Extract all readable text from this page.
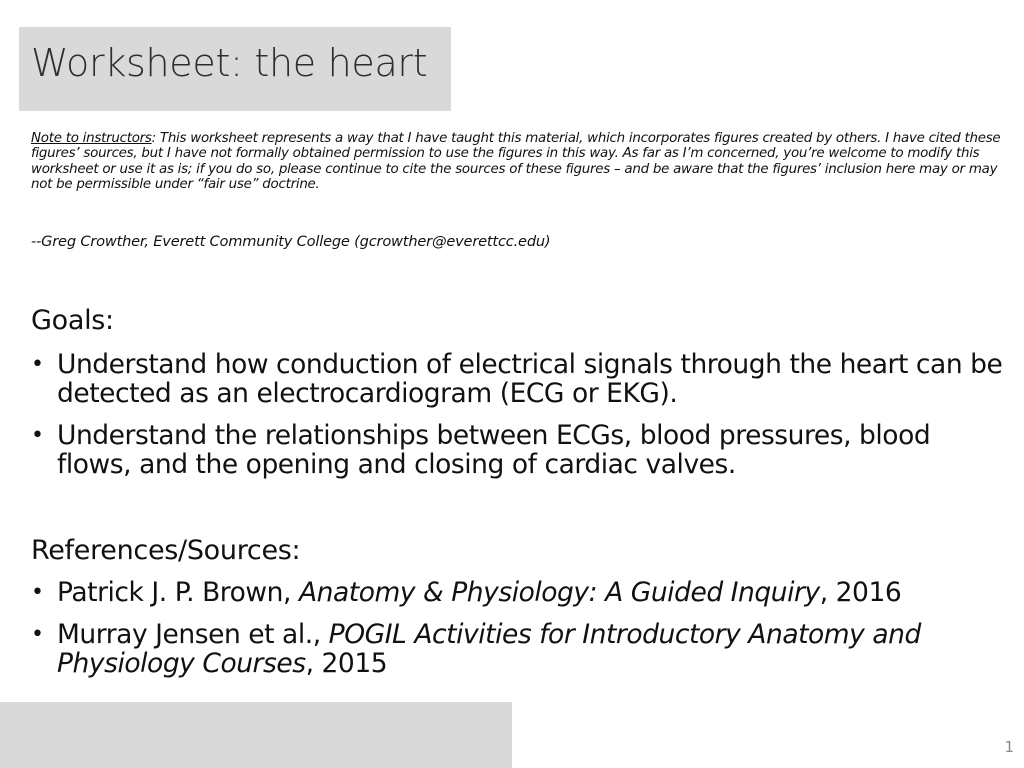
Worksheet: the heart
Note to instructors: This worksheet represents a way that I have taught this material, which incorporates figures created by others. I have cited these figures’ sources, but I have not formally obtained permission to use the figures in this way. As far as I’m concerned, you’re welcome to modify this worksheet or use it as is; if you do so, please continue to cite the sources of these figures – and be aware that the figures’ inclusion here may or may not be permissible under “fair use” doctrine.
--Greg Crowther, Everett Community College (gcrowther@everettcc.edu)
Goals:
• Understand how conduction of electrical signals through the heart can be detected as an electrocardiogram (ECG or EKG).
• Understand the relationships between ECGs, blood pressures, blood flows, and the opening and closing of cardiac valves.
References/Sources:
• Patrick J. P. Brown, Anatomy & Physiology: A Guided Inquiry, 2016
• Murray Jensen et al., POGIL Activities for Introductory Anatomy and Physiology Courses, 2015
1
